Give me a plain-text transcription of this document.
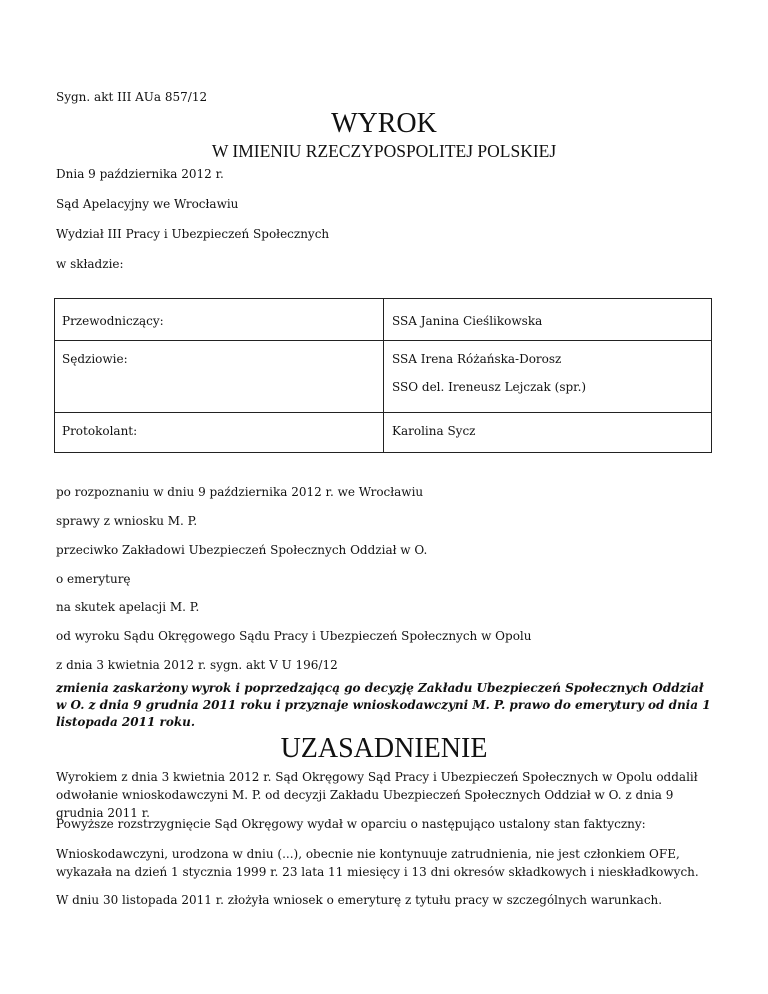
Sygn. akt III AUa 857/12
WYROK
W IMIENIU RZECZYPOSPOLITEJ POLSKIEJ
Dnia 9 października 2012 r.
Sąd Apelacyjny we Wrocławiu
Wydział III Pracy i Ubezpieczeń Społecznych
w składzie:
Przewodniczący:	SSA Janina Cieślikowska
Sędziowie:	SSA Irena Różańska-Dorosz
SSO del. Ireneusz Lejczak (spr.)
Protokolant:	Karolina Sycz
po rozpoznaniu w dniu 9 października 2012 r. we Wrocławiu
sprawy z wniosku M. P.
przeciwko Zakładowi Ubezpieczeń Społecznych Oddział w O.
o emeryturę
na skutek apelacji M. P.
od wyroku Sądu Okręgowego Sądu Pracy i Ubezpieczeń Społecznych w Opolu
z dnia 3 kwietnia 2012 r. sygn. akt V U 196/12
zmienia zaskarżony wyrok i poprzedzającą go decyzję Zakładu Ubezpieczeń Społecznych Oddział w O. z dnia 9 grudnia 2011 roku i przyznaje wnioskodawczyni M. P. prawo do emerytury od dnia 1 listopada 2011 roku.
UZASADNIENIE
Wyrokiem z dnia 3 kwietnia 2012 r. Sąd Okręgowy Sąd Pracy i Ubezpieczeń Społecznych w Opolu oddalił odwołanie wnioskodawczyni M. P. od decyzji Zakładu Ubezpieczeń Społecznych Oddział w O. z dnia 9 grudnia 2011 r.
Powyższe rozstrzygnięcie Sąd Okręgowy wydał w oparciu o następująco ustalony stan faktyczny:
Wnioskodawczyni, urodzona w dniu (...), obecnie nie kontynuuje zatrudnienia, nie jest członkiem OFE, wykazała na dzień 1 stycznia 1999 r. 23 lata 11 miesięcy i 13 dni okresów składkowych i nieskładkowych.
W dniu 30 listopada 2011 r. złożyła wniosek o emeryturę z tytułu pracy w szczególnych warunkach.
